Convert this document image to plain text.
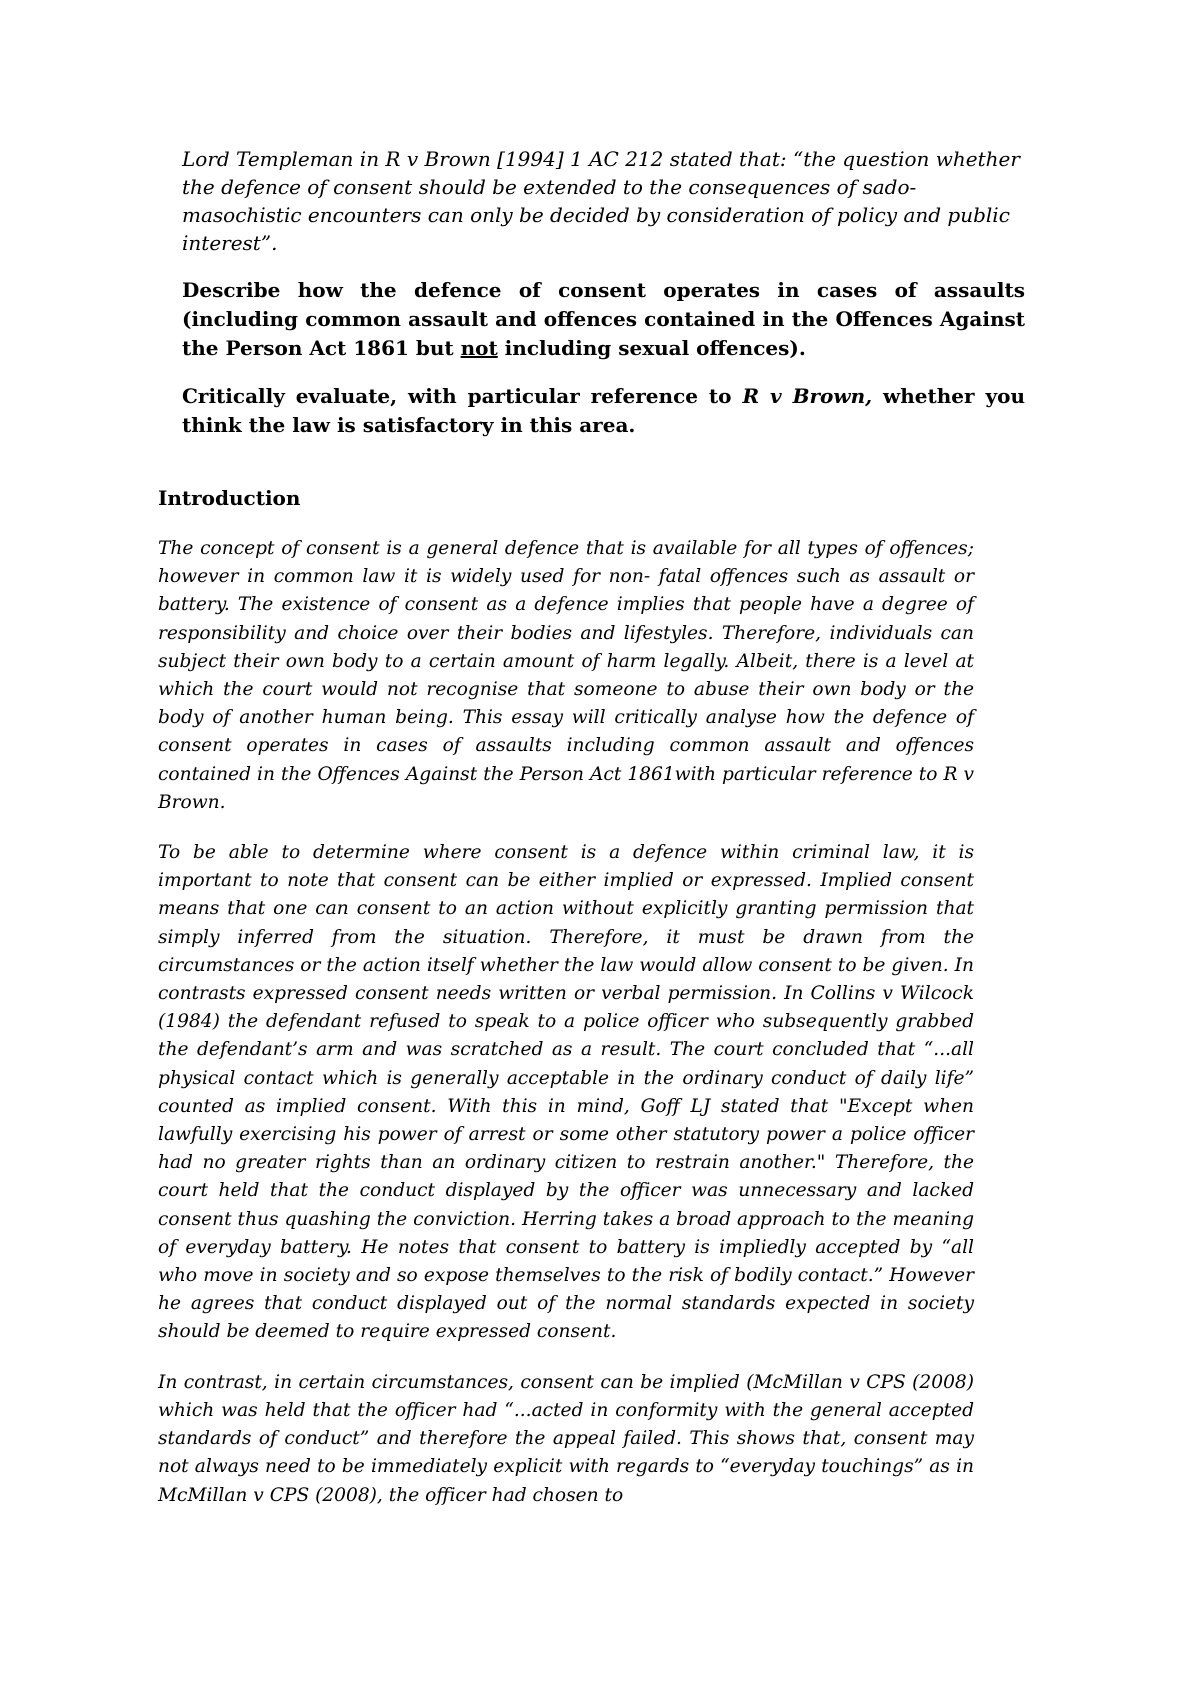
Lord Templeman in R v Brown [1994] 1 AC 212 stated that: “the question whether the defence of consent should be extended to the consequences of sado-masochistic encounters can only be decided by consideration of policy and public interest”.

Describe how the defence of consent operates in cases of assaults (including common assault and offences contained in the Offences Against the Person Act 1861 but not including sexual offences).

Critically evaluate, with particular reference to R v Brown, whether you think the law is satisfactory in this area.

Introduction

The concept of consent is a general defence that is available for all types of offences; however in common law it is widely used for non- fatal offences such as assault or battery. The existence of consent as a defence implies that people have a degree of responsibility and choice over their bodies and lifestyles. Therefore, individuals can subject their own body to a certain amount of harm legally. Albeit, there is a level at which the court would not recognise that someone to abuse their own body or the body of another human being. This essay will critically analyse how the defence of consent operates in cases of assaults including common assault and offences contained in the Offences Against the Person Act 1861with particular reference to R v Brown.

To be able to determine where consent is a defence within criminal law, it is important to note that consent can be either implied or expressed. Implied consent means that one can consent to an action without explicitly granting permission that simply inferred from the situation. Therefore, it must be drawn from the circumstances or the action itself whether the law would allow consent to be given. In contrasts expressed consent needs written or verbal permission. In Collins v Wilcock (1984) the defendant refused to speak to a police officer who subsequently grabbed the defendant’s arm and was scratched as a result. The court concluded that “...all physical contact which is generally acceptable in the ordinary conduct of daily life” counted as implied consent. With this in mind, Goff LJ stated that "Except when lawfully exercising his power of arrest or some other statutory power a police officer had no greater rights than an ordinary citizen to restrain another." Therefore, the court held that the conduct displayed by the officer was unnecessary and lacked consent thus quashing the conviction. Herring takes a broad approach to the meaning of everyday battery. He notes that consent to battery is impliedly accepted by “all who move in society and so expose themselves to the risk of bodily contact.” However he agrees that conduct displayed out of the normal standards expected in society should be deemed to require expressed consent.

In contrast, in certain circumstances, consent can be implied (McMillan v CPS (2008) which was held that the officer had “...acted in conformity with the general accepted standards of conduct” and therefore the appeal failed. This shows that, consent may not always need to be immediately explicit with regards to “everyday touchings” as in McMillan v CPS (2008), the officer had chosen to
